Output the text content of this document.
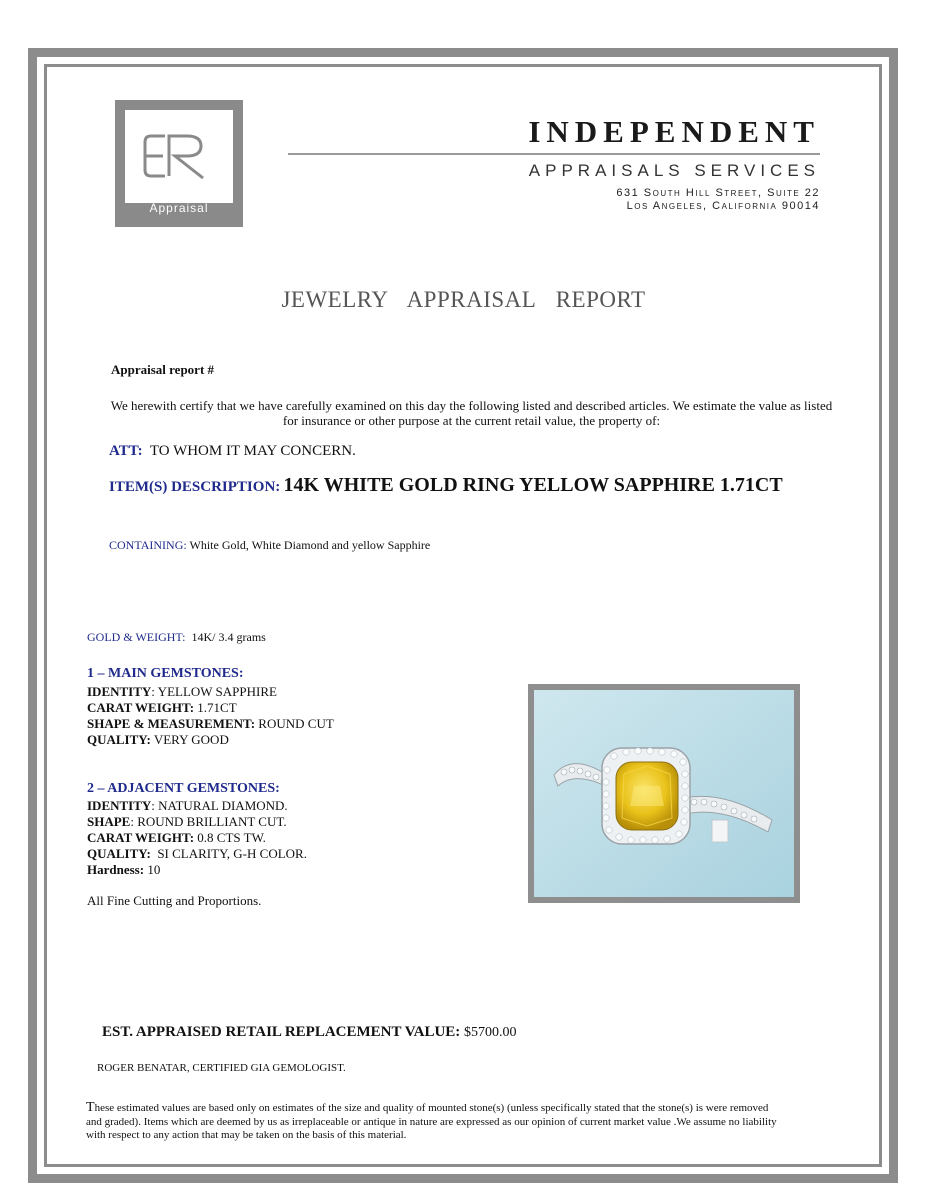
Appraisal
INDEPENDENT
APPRAISALS SERVICES
631 South Hill Street, Suite 22
Los Angeles, California 90014
JEWELRY APPRAISAL REPORT
Appraisal report #
We herewith certify that we have carefully examined on this day the following listed and described articles. We estimate the value as listed for insurance or other purpose at the current retail value, the property of:
ATT: TO WHOM IT MAY CONCERN.
ITEM(S) DESCRIPTION: 14K WHITE GOLD RING YELLOW SAPPHIRE 1.71CT
CONTAINING: White Gold, White Diamond and yellow Sapphire
GOLD & WEIGHT: 14K/ 3.4 grams
1 – MAIN GEMSTONES:
IDENTITY: YELLOW SAPPHIRE
CARAT WEIGHT: 1.71CT
SHAPE & MEASUREMENT: ROUND CUT
QUALITY: VERY GOOD
2 – ADJACENT GEMSTONES:
IDENTITY: NATURAL DIAMOND.
SHAPE: ROUND BRILLIANT CUT.
CARAT WEIGHT: 0.8 CTS TW.
QUALITY: SI CLARITY, G-H COLOR.
Hardness: 10
All Fine Cutting and Proportions.
EST. APPRAISED RETAIL REPLACEMENT VALUE: $5700.00
ROGER BENATAR, CERTIFIED GIA GEMOLOGIST.
These estimated values are based only on estimates of the size and quality of mounted stone(s) (unless specifically stated that the stone(s) is were removed and graded). Items which are deemed by us as irreplaceable or antique in nature are expressed as our opinion of current market value .We assume no liability with respect to any action that may be taken on the basis of this material.
